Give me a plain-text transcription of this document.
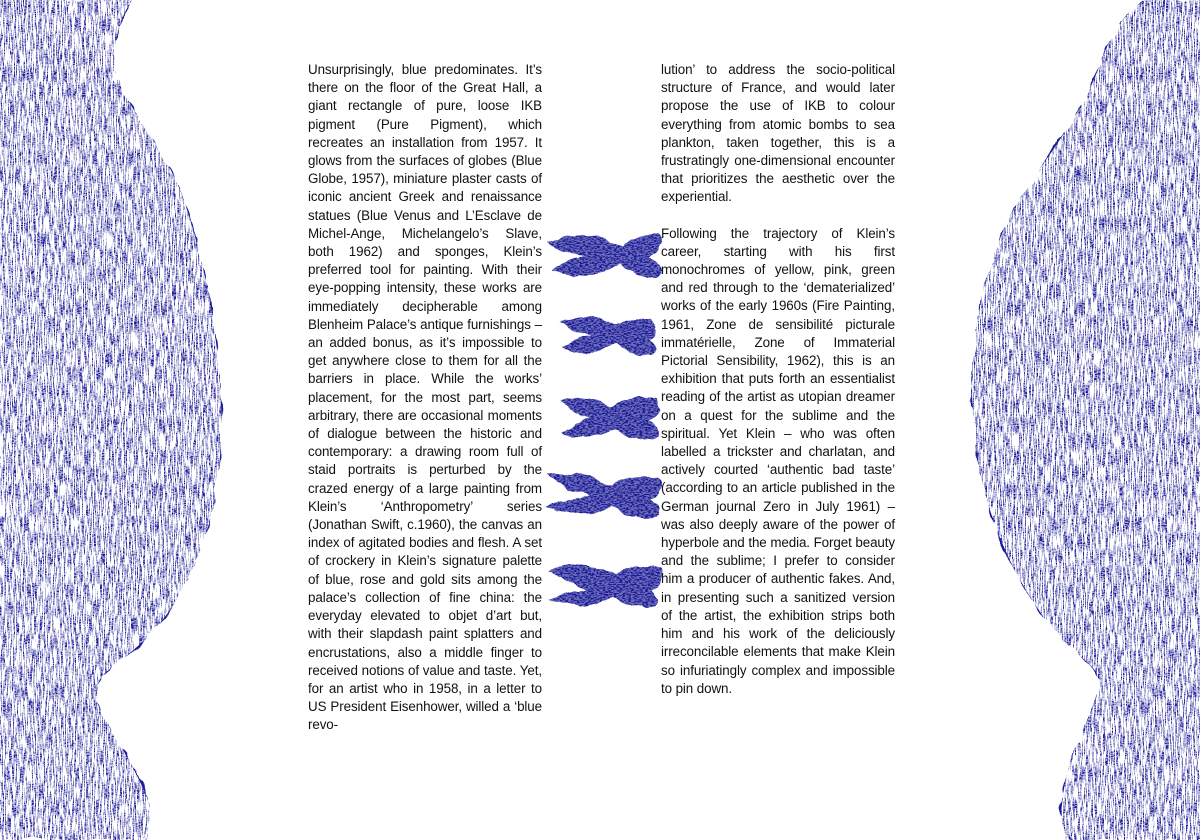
Unsurprisingly, blue predominates. It’s there on the floor of the Great Hall, a giant rectangle of pure, loose IKB pigment (Pure Pigment), which recreates an installation from 1957. It glows from the surfaces of globes (Blue Globe, 1957), miniature plaster casts of iconic ancient Greek and renaissance statues (Blue Venus and L’Esclave de Michel-Ange, Michelangelo’s Slave, both 1962) and sponges, Klein’s preferred tool for painting. With their eye-popping intensity, these works are immediately decipherable among Blenheim Palace’s antique furnishings – an added bonus, as it’s impossible to get anywhere close to them for all the barriers in place. While the works’ placement, for the most part, seems arbitrary, there are occasional moments of dialogue between the historic and contemporary: a drawing room full of staid portraits is perturbed by the crazed energy of a large painting from Klein’s ‘Anthropometry’ series (Jonathan Swift, c.1960), the canvas an index of agitated bodies and flesh. A set of crockery in Klein’s signature palette of blue, rose and gold sits among the palace’s collection of fine china: the everyday elevated to objet d’art but, with their slapdash paint splatters and encrustations, also a middle finger to received notions of value and taste. Yet, for an artist who in 1958, in a letter to US President Eisenhower, willed a ‘blue revo-

lution’ to address the socio-political structure of France, and would later propose the use of IKB to colour everything from atomic bombs to sea plankton, taken together, this is a frustratingly one-dimensional encounter that prioritizes the aesthetic over the experiential.

Following the trajectory of Klein’s career, starting with his first monochromes of yellow, pink, green and red through to the ‘dematerialized’ works of the early 1960s (Fire Painting, 1961, Zone de sensibilité picturale immatérielle, Zone of Immaterial Pictorial Sensibility, 1962), this is an exhibition that puts forth an essentialist reading of the artist as utopian dreamer on a quest for the sublime and the spiritual. Yet Klein – who was often labelled a trickster and charlatan, and actively courted ‘authentic bad taste’ (according to an article published in the German journal Zero in July 1961) – was also deeply aware of the power of hyperbole and the media. Forget beauty and the sublime; I prefer to consider him a producer of authentic fakes. And, in presenting such a sanitized version of the artist, the exhibition strips both him and his work of the deliciously irreconcilable elements that make Klein so infuriatingly complex and impossible to pin down.
